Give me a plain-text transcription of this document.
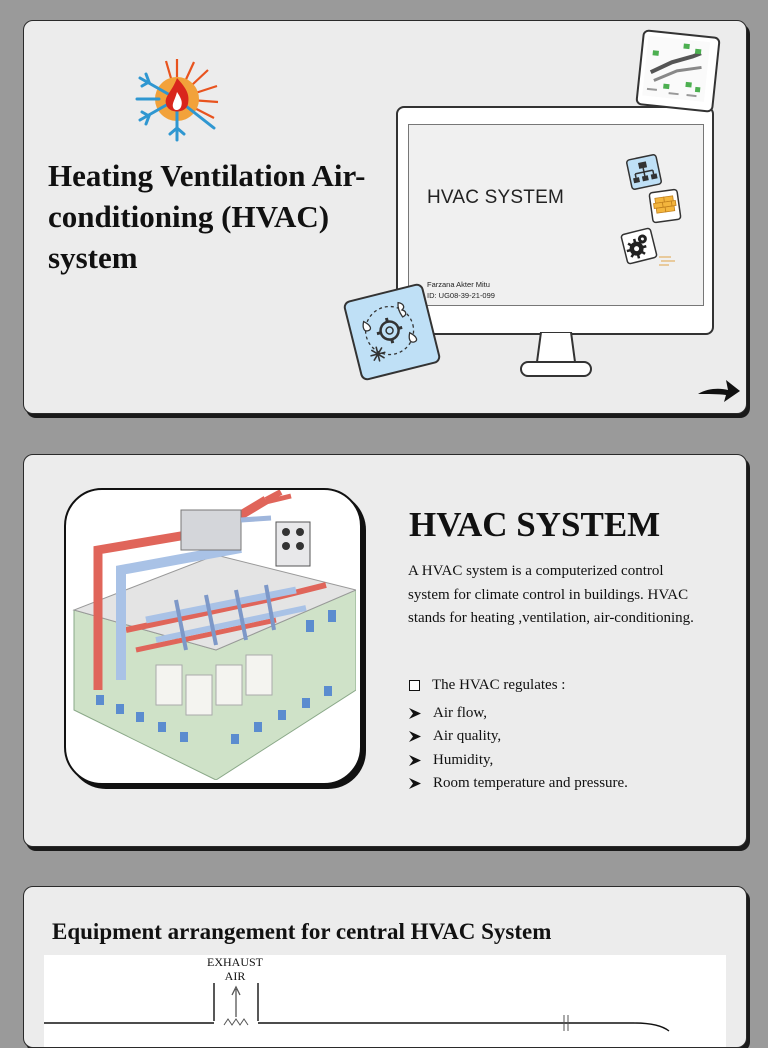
Heating Ventilation Air-conditioning (HVAC) system
HVAC SYSTEM
Farzana Akter Mitu
ID: UG08-39-21-099
HVAC SYSTEM
A HVAC system is a computerized control system for climate control in buildings. HVAC stands for heating ,ventilation, air-conditioning.
The HVAC regulates :
Air flow,
Air quality,
Humidity,
Room temperature and pressure.
Equipment arrangement for central HVAC System
EXHAUST AIR
